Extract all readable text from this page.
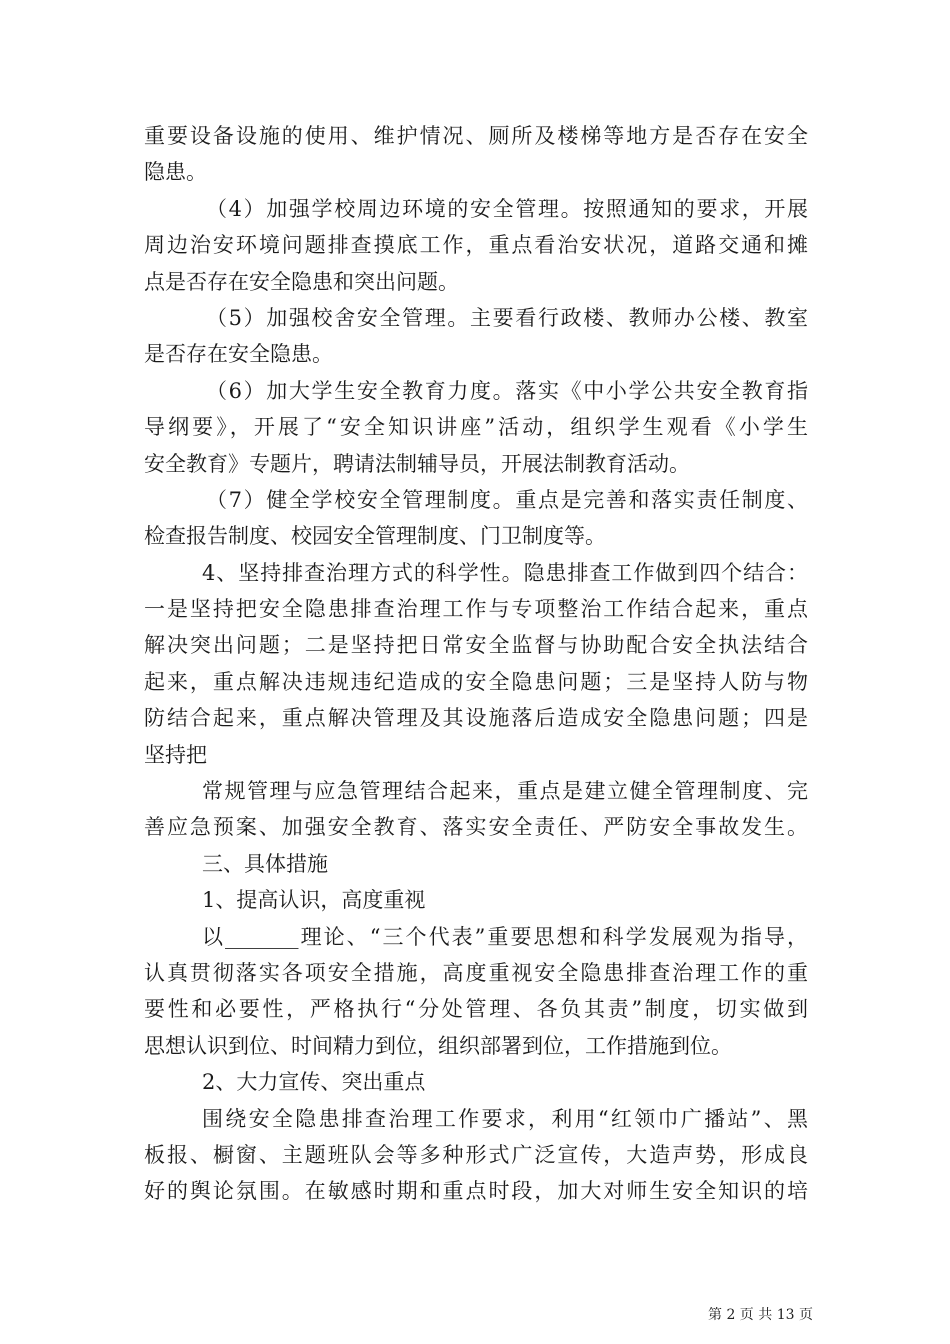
重要设备设施的使用、维护情况、厕所及楼梯等地方是否存在安全
隐患。
（4）加强学校周边环境的安全管理。按照通知的要求，开展
周边治安环境问题排查摸底工作，重点看治安状况，道路交通和摊
点是否存在安全隐患和突出问题。
（5）加强校舍安全管理。主要看行政楼、教师办公楼、教室
是否存在安全隐患。
（6）加大学生安全教育力度。落实《中小学公共安全教育指
导纲要》，开展了“安全知识讲座”活动，组织学生观看《小学生
安全教育》专题片，聘请法制辅导员，开展法制教育活动。
（7）健全学校安全管理制度。重点是完善和落实责任制度、
检查报告制度、校园安全管理制度、门卫制度等。
4、坚持排查治理方式的科学性。隐患排查工作做到四个结合：
一是坚持把安全隐患排查治理工作与专项整治工作结合起来，重点
解决突出问题；二是坚持把日常安全监督与协助配合安全执法结合
起来，重点解决违规违纪造成的安全隐患问题；三是坚持人防与物
防结合起来，重点解决管理及其设施落后造成安全隐患问题；四是
坚持把
常规管理与应急管理结合起来，重点是建立健全管理制度、完
善应急预案、加强安全教育、落实安全责任、严防安全事故发生。
三、具体措施
1、提高认识，高度重视
以_______理论、“三个代表”重要思想和科学发展观为指导，
认真贯彻落实各项安全措施，高度重视安全隐患排查治理工作的重
要性和必要性，严格执行“分处管理、各负其责”制度，切实做到
思想认识到位、时间精力到位，组织部署到位，工作措施到位。
2、大力宣传、突出重点
围绕安全隐患排查治理工作要求，利用“红领巾广播站”、黑
板报、橱窗、主题班队会等多种形式广泛宣传，大造声势，形成良
好的舆论氛围。在敏感时期和重点时段，加大对师生安全知识的培
第 2 页 共 13 页
